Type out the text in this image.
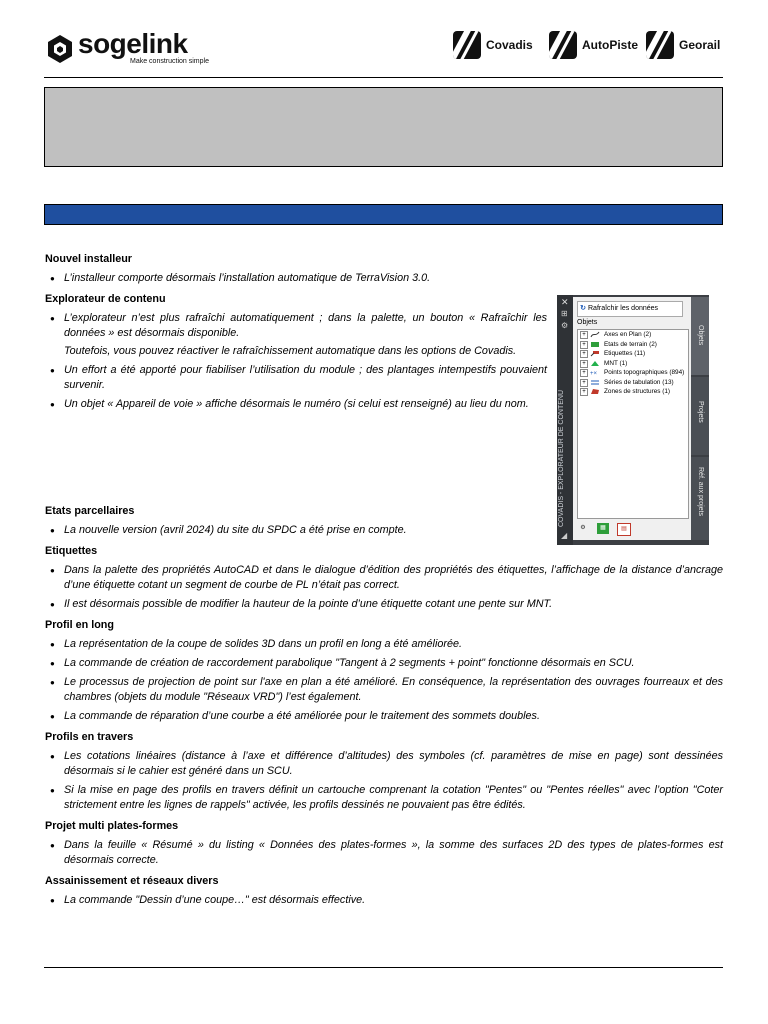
sogelink
Make construction simple
Covadis	AutoPiste	Georail
✕
⊞
⚙
COVADIS - EXPLORATEUR DE CONTENU
◢
↻ Rafraîchir les données
Objets
+	Axes en Plan (2)
+	Etats de terrain (2)
+	Etiquettes (11)
+	MNT (1)
+ +× Points topographiques (894)
+	Séries de tabulation (13)
+	Zones de structures (1)
⚙	▦	▤
Objets
Projets
Réf. aux projets
Nouvel installeur
● L’installeur comporte désormais l’installation automatique de TerraVision 3.0.
Explorateur de contenu
● L’explorateur n’est plus rafraîchi automatiquement ; dans la palette, un bouton « Rafraîchir les données » est désormais disponible.
Toutefois, vous pouvez réactiver le rafraîchissement automatique dans les options de Covadis.
● Un effort a été apporté pour fiabiliser l’utilisation du module ; des plantages intempestifs pouvaient survenir.
● Un objet « Appareil de voie » affiche désormais le numéro (si celui est renseigné) au lieu du nom.
Etats parcellaires
● La nouvelle version (avril 2024) du site du SPDC a été prise en compte.
Etiquettes
● Dans la palette des propriétés AutoCAD et dans le dialogue d’édition des propriétés des étiquettes, l’affichage de la distance d’ancrage d’une étiquette cotant un segment de courbe de PL n’était pas correct.
● Il est désormais possible de modifier la hauteur de la pointe d’une étiquette cotant une pente sur MNT.
Profil en long
● La représentation de la coupe de solides 3D dans un profil en long a été améliorée.
● La commande de création de raccordement parabolique "Tangent à 2 segments + point" fonctionne désormais en SCU.
● Le processus de projection de point sur l'axe en plan a été amélioré. En conséquence, la représentation des ouvrages fourreaux et des chambres (objets du module "Réseaux VRD") l’est également.
● La commande de réparation d’une courbe a été améliorée pour le traitement des sommets doubles.
Profils en travers
● Les cotations linéaires (distance à l’axe et différence d’altitudes) des symboles (cf. paramètres de mise en page) sont dessinées désormais si le cahier est généré dans un SCU.
● Si la mise en page des profils en travers définit un cartouche comprenant la cotation "Pentes" ou "Pentes réelles" avec l’option "Coter strictement entre les lignes de rappels" activée, les profils dessinés ne pouvaient pas être édités.
Projet multi plates-formes
● Dans la feuille « Résumé » du listing « Données des plates-formes », la somme des surfaces 2D des types de plates-formes est désormais correcte.
Assainissement et réseaux divers
● La commande "Dessin d’une coupe…" est désormais effective.
